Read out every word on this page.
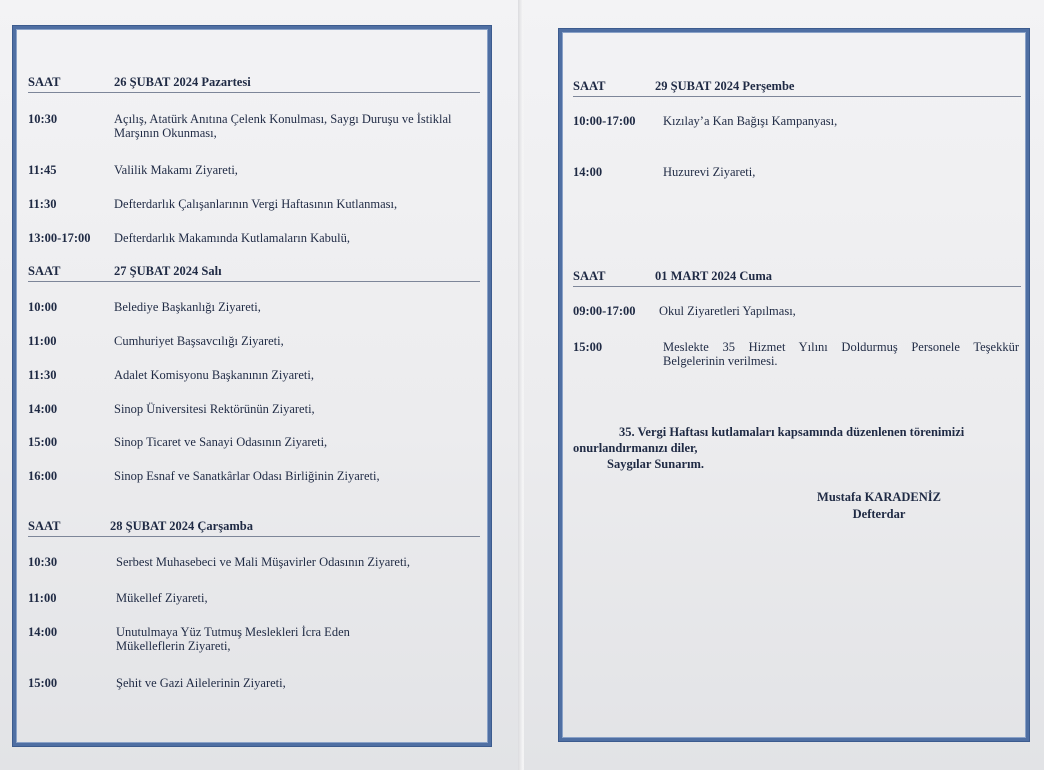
SAAT	26 ŞUBAT 2024 Pazartesi
10:30	Açılış, Atatürk Anıtına Çelenk Konulması, Saygı Duruşu ve İstiklal Marşının Okunması,
11:45	Valilik Makamı Ziyareti,
11:30	Defterdarlık Çalışanlarının Vergi Haftasının Kutlanması,
13:00-17:00 Defterdarlık Makamında Kutlamaların Kabulü,
SAAT	27 ŞUBAT 2024 Salı
10:00	Belediye Başkanlığı Ziyareti,
11:00	Cumhuriyet Başsavcılığı Ziyareti,
11:30	Adalet Komisyonu Başkanının Ziyareti,
14:00	Sinop Üniversitesi Rektörünün Ziyareti,
15:00	Sinop Ticaret ve Sanayi Odasının Ziyareti,
16:00	Sinop Esnaf ve Sanatkârlar Odası Birliğinin Ziyareti,
SAAT	28 ŞUBAT 2024 Çarşamba
10:30	Serbest Muhasebeci ve Mali Müşavirler Odasının Ziyareti,
11:00	Mükellef Ziyareti,
14:00	Unutulmaya Yüz Tutmuş Meslekleri İcra Eden Mükelleflerin Ziyareti,
15:00	Şehit ve Gazi Ailelerinin Ziyareti,
SAAT	29 ŞUBAT 2024 Perşembe
10:00-17:00 Kızılay’a Kan Bağışı Kampanyası,
14:00	Huzurevi Ziyareti,
SAAT	01 MART 2024 Cuma
09:00-17:00 Okul Ziyaretleri Yapılması,
15:00	Meslekte 35 Hizmet Yılını Doldurmuş Personele Teşekkür Belgelerinin verilmesi.
35. Vergi Haftası kutlamaları kapsamında düzenlenen törenimizi
onurlandırmanızı diler,
Saygılar Sunarım.
Mustafa KARADENİZ
Defterdar
